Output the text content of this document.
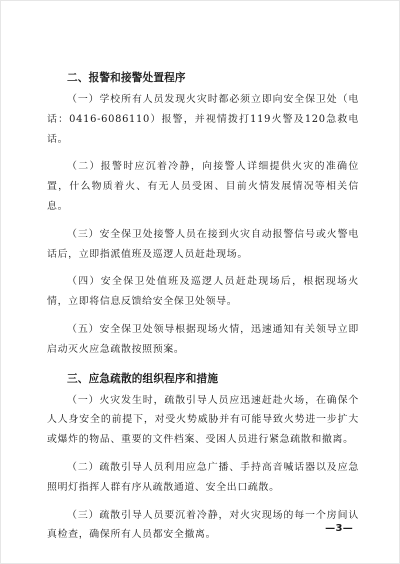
二、报警和接警处置程序

（一）学校所有人员发现火灾时都必须立即向安全保卫处（电话：0416-6086110）报警，并视情拨打119火警及120急救电话。

（二）报警时应沉着冷静，向接警人详细提供火灾的准确位置，什么物质着火、有无人员受困、目前火情发展情况等相关信息。

（三）安全保卫处接警人员在接到火灾自动报警信号或火警电话后，立即指派值班及巡逻人员赶赴现场。

（四）安全保卫处值班及巡逻人员赶赴现场后，根据现场火情，立即将信息反馈给安全保卫处领导。

（五）安全保卫处领导根据现场火情，迅速通知有关领导立即启动灭火应急疏散按照预案。

三、应急疏散的组织程序和措施

（一）火灾发生时，疏散引导人员应迅速赶赴火场，在确保个人人身安全的前提下，对受火势威胁并有可能导致火势进一步扩大或爆炸的物品、重要的文件档案、受困人员进行紧急疏散和撤离。

（二）疏散引导人员利用应急广播、手持高音喊话器以及应急照明灯指挥人群有序从疏散通道、安全出口疏散。

（三）疏散引导人员要沉着冷静，对火灾现场的每一个房间认真检查，确保所有人员都安全撤离。

—3—
